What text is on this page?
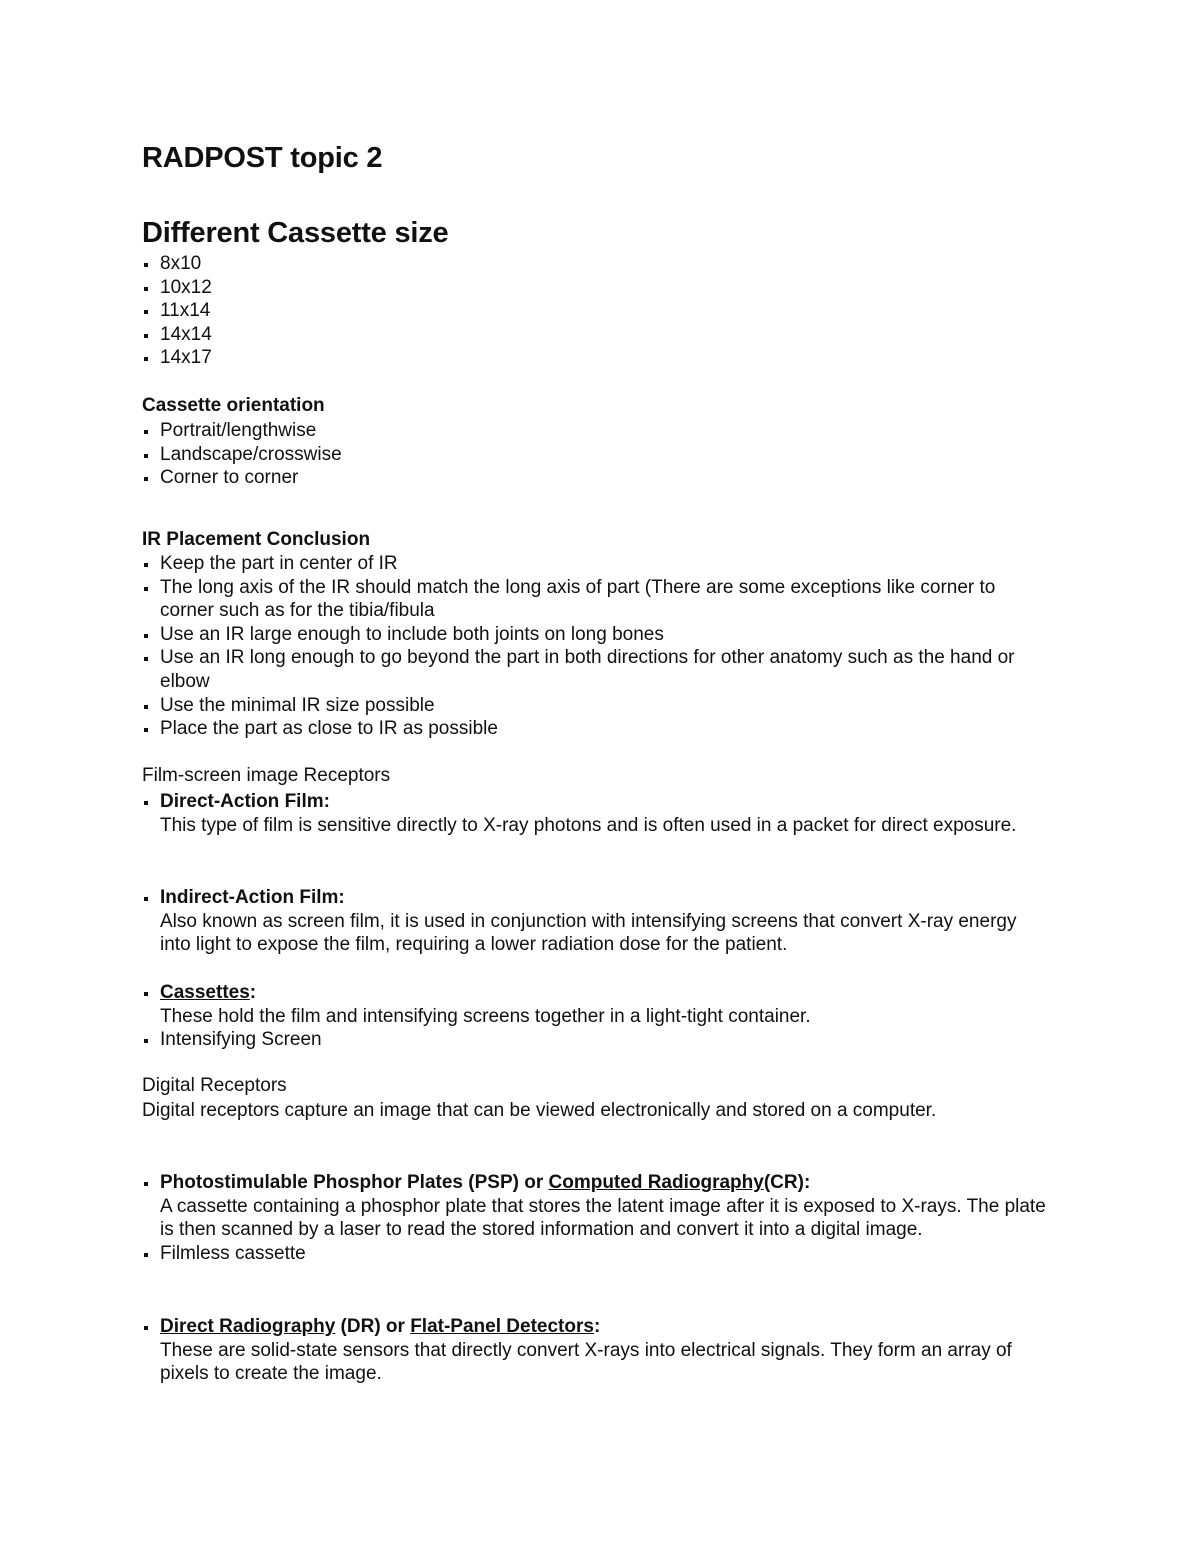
RADPOST topic 2
Different Cassette size
8x10
10x12
11x14
14x14
14x17
Cassette orientation
Portrait/lengthwise
Landscape/crosswise
Corner to corner
IR Placement Conclusion
Keep the part in center of IR
The long axis of the IR should match the long axis of part (There are some exceptions like corner to corner such as for the tibia/fibula
Use an IR large enough to include both joints on long bones
Use an IR long enough to go beyond the part in both directions for other anatomy such as the hand or elbow
Use the minimal IR size possible
Place the part as close to IR as possible
Film-screen image Receptors
Direct-Action Film:
This type of film is sensitive directly to X-ray photons and is often used in a packet for direct exposure.
Indirect-Action Film:
Also known as screen film, it is used in conjunction with intensifying screens that convert X-ray energy into light to expose the film, requiring a lower radiation dose for the patient.
Cassettes:
These hold the film and intensifying screens together in a light-tight container.
Intensifying Screen
Digital Receptors
Digital receptors capture an image that can be viewed electronically and stored on a computer.
Photostimulable Phosphor Plates (PSP) or Computed Radiography(CR):
A cassette containing a phosphor plate that stores the latent image after it is exposed to X-rays. The plate is then scanned by a laser to read the stored information and convert it into a digital image.
Filmless cassette
Direct Radiography (DR) or Flat-Panel Detectors:
These are solid-state sensors that directly convert X-rays into electrical signals. They form an array of pixels to create the image.
